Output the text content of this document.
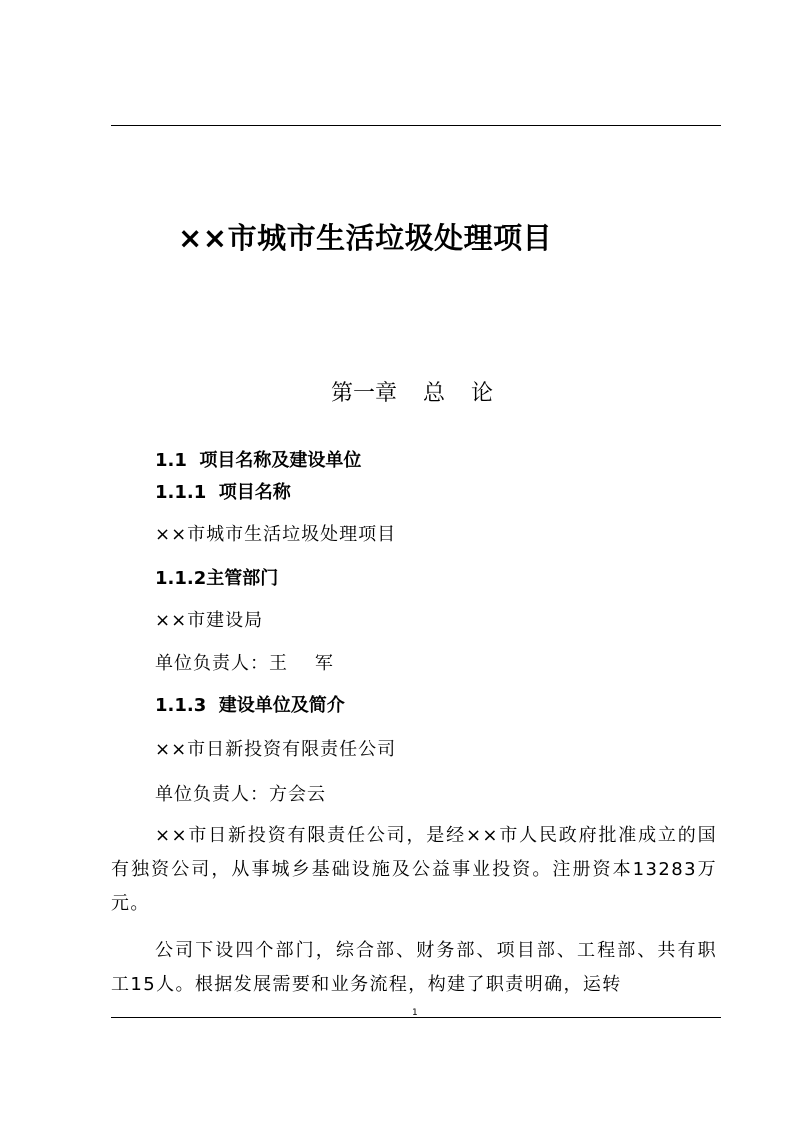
××市城市生活垃圾处理项目
第一章 总 论
1.1  项目名称及建设单位
1.1.1  项目名称
××市城市生活垃圾处理项目
1.1.2主管部门
××市建设局
单位负责人：王    军
1.1.3  建设单位及简介
××市日新投资有限责任公司
单位负责人：方会云
××市日新投资有限责任公司，是经××市人民政府批准成立的国有独资公司，从事城乡基础设施及公益事业投资。注册资本13283万元。
公司下设四个部门，综合部、财务部、项目部、工程部、共有职工15人。根据发展需要和业务流程，构建了职责明确，运转
1
